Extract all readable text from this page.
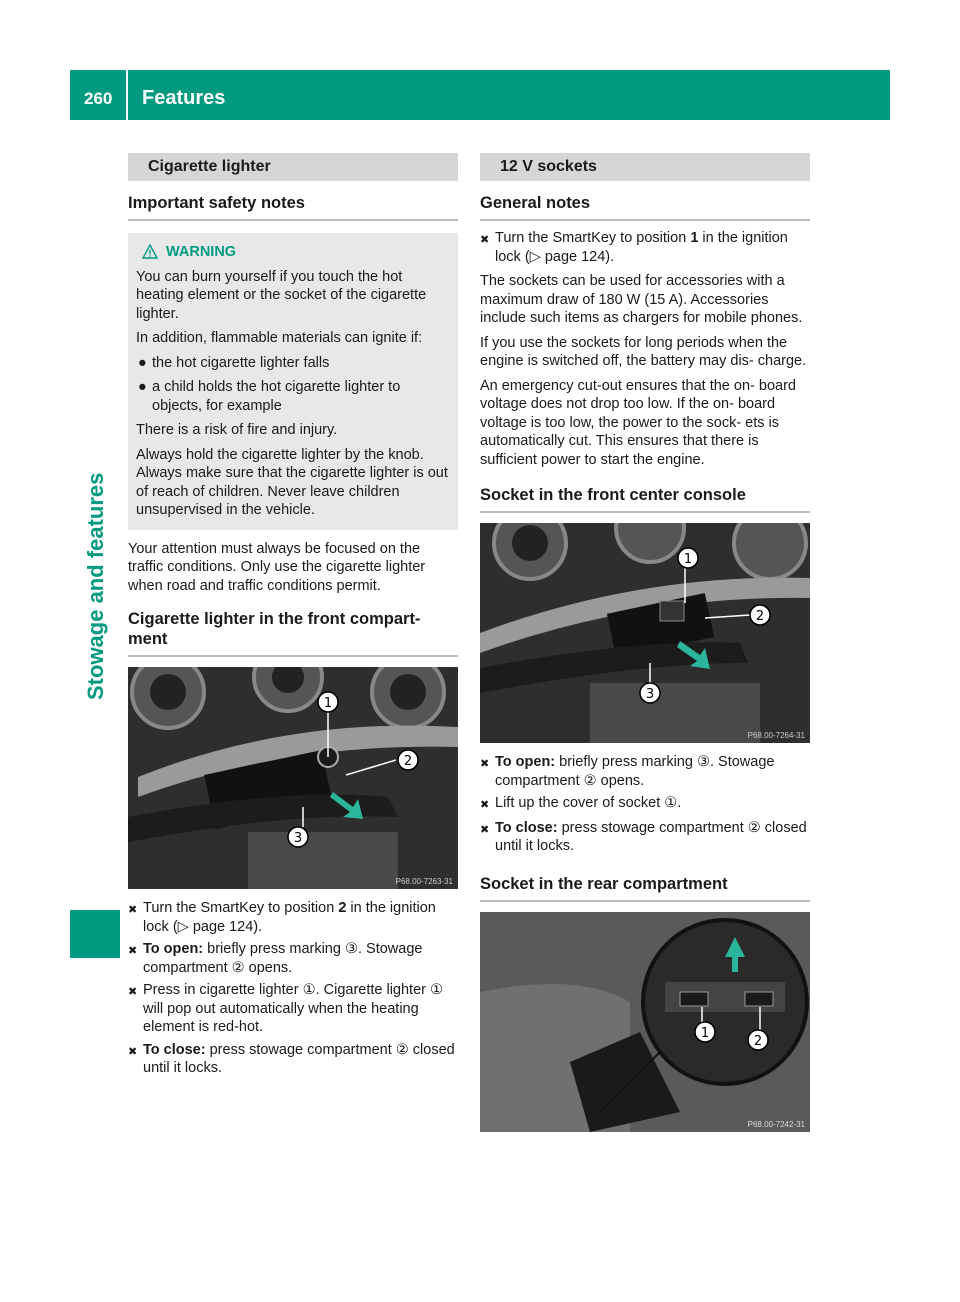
260 Features
Stowage and features
Cigarette lighter
Important safety notes
WARNING
You can burn yourself if you touch the hot heating element or the socket of the cigarette lighter.
In addition, flammable materials can ignite if:
● the hot cigarette lighter falls
● a child holds the hot cigarette lighter to objects, for example
There is a risk of fire and injury.
Always hold the cigarette lighter by the knob. Always make sure that the cigarette lighter is out of reach of children. Never leave children unsupervised in the vehicle.
Your attention must always be focused on the traffic conditions. Only use the cigarette lighter when road and traffic conditions permit.
Cigarette lighter in the front compart- ment
1
2
3
P68.00-7263-31
✖ Turn the SmartKey to position 2 in the ignition lock (▷ page 124).
✖ To open: briefly press marking ③. Stowage compartment ② opens.
✖ Press in cigarette lighter ①. Cigarette lighter ① will pop out automatically when the heating element is red-hot.
✖ To close: press stowage compartment ② closed until it locks.
12 V sockets
General notes
✖ Turn the SmartKey to position 1 in the ignition lock (▷ page 124).
The sockets can be used for accessories with a maximum draw of 180 W (15 A). Accessories include such items as chargers for mobile phones.
If you use the sockets for long periods when the engine is switched off, the battery may dis- charge.
An emergency cut-out ensures that the on- board voltage does not drop too low. If the on- board voltage is too low, the power to the sock- ets is automatically cut. This ensures that there is sufficient power to start the engine.
Socket in the front center console
1
2
3
P68.00-7264-31
✖ To open: briefly press marking ③. Stowage compartment ② opens.
✖ Lift up the cover of socket ①.
✖ To close: press stowage compartment ② closed until it locks.
Socket in the rear compartment
1
2
P68.00-7242-31
